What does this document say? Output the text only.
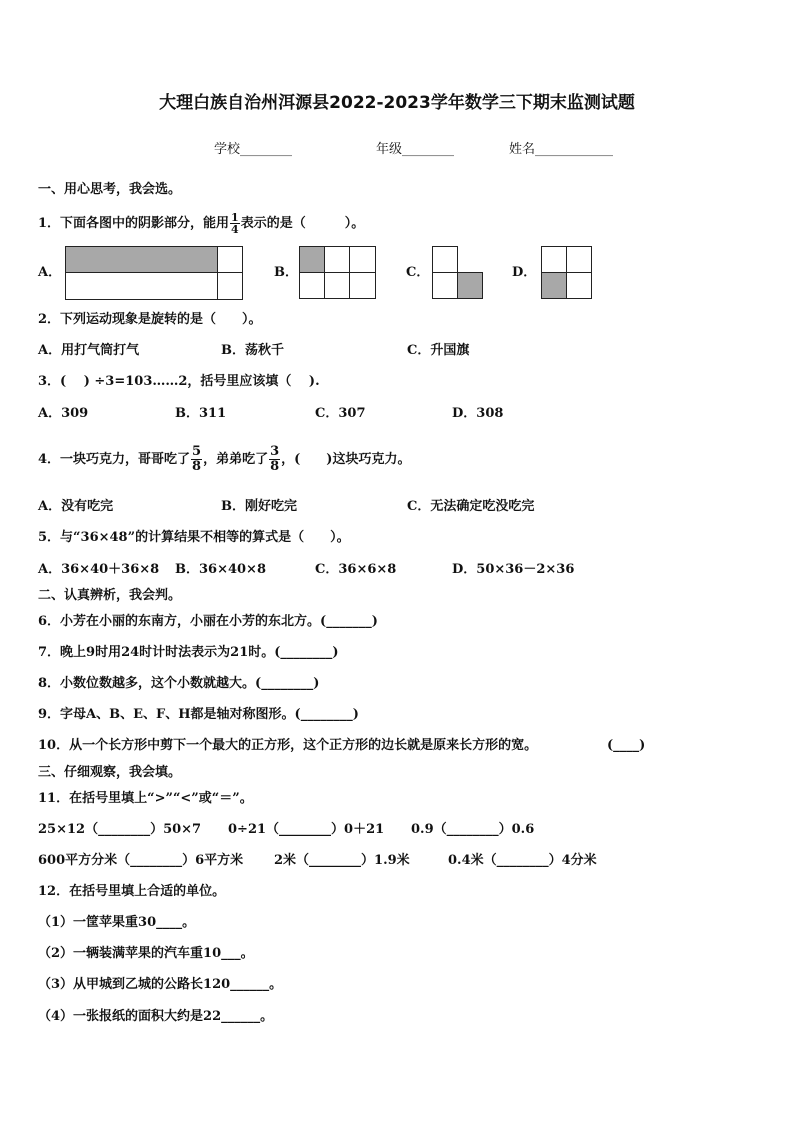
大理白族自治州洱源县2022-2023学年数学三下期末监测试题
学校________	年级________	姓名____________
一、用心思考，我会选。
1．下面各图中的阴影部分，能用 $\frac{1}{4}$ 表示的是（　　　）。
A．	B．	C．	D．
2．下列运动现象是旋转的是（　　）。
A．用打气筒打气	B．荡秋千	C．升国旗
3．(　 ) ÷3=103……2，括号里应该填（　 ).
A．309	B．311	C．307	D．308
4．一块巧克力，哥哥吃了 $\frac{5}{8}$ ，弟弟吃了 $\frac{3}{8}$ ，(　　)这块巧克力。
A．没有吃完	B．刚好吃完	C．无法确定吃没吃完
5．与“36×48”的计算结果不相等的算式是（　　）。
A．36×40＋36×8 B．36×40×8	C．36×6×8	D．50×36－2×36
二、认真辨析，我会判。
6．小芳在小丽的东南方，小丽在小芳的东北方。(_______)
7．晚上9时用24时计时法表示为21时。(________)
8．小数位数越多，这个小数就越大。(________)
9．字母A、B、E、F、H都是轴对称图形。(________)
10．从一个长方形中剪下一个最大的正方形，这个正方形的边长就是原来长方形的宽。	(____)
三、仔细观察，我会填。
11．在括号里填上“>”“<”或“＝”。
25×12（________）50×7 0÷21（________）0＋21 0.9（________）0.6
600平方分米（________）6平方米 2米（________）1.9米	0.4米（________）4分米
12．在括号里填上合适的单位。
（1）一筐苹果重30____。
（2）一辆装满苹果的汽车重10___。
（3）从甲城到乙城的公路长120______。
（4）一张报纸的面积大约是22______。
